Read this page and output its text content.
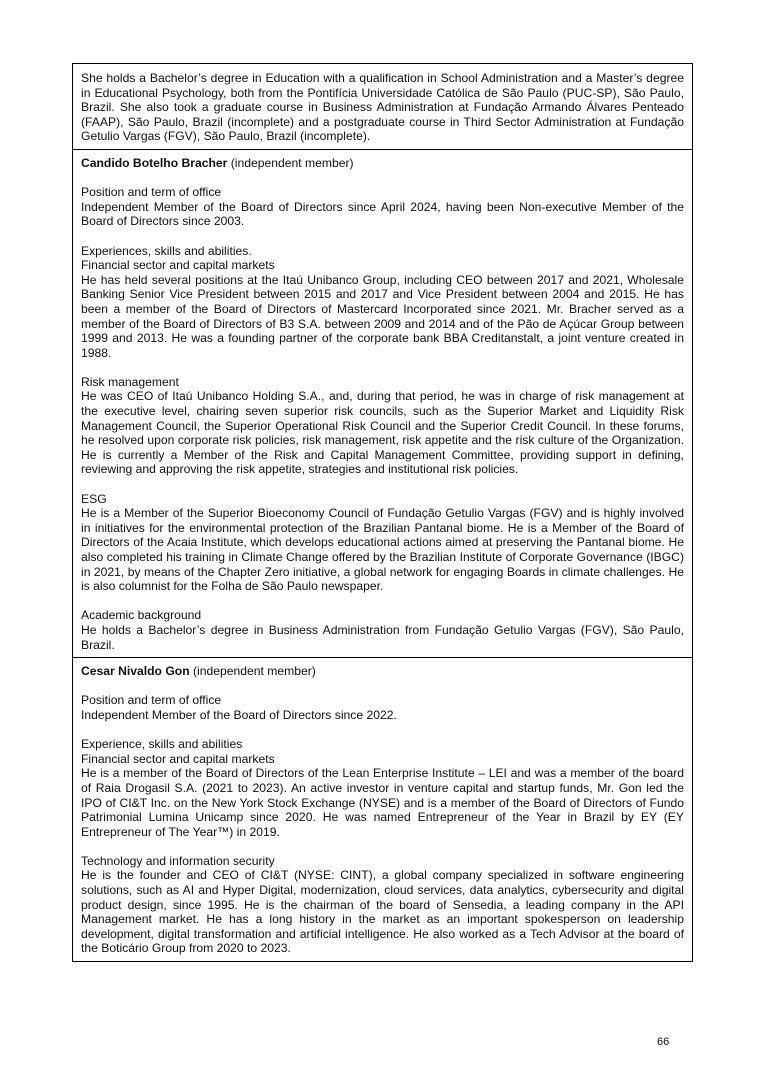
She holds a Bachelor’s degree in Education with a qualification in School Administration and a Master’s degree in Educational Psychology, both from the Pontifícia Universidade Católica de São Paulo (PUC-SP), São Paulo, Brazil. She also took a graduate course in Business Administration at Fundação Armando Álvares Penteado (FAAP), São Paulo, Brazil (incomplete) and a postgraduate course in Third Sector Administration at Fundação Getulio Vargas (FGV), São Paulo, Brazil (incomplete).

Candido Botelho Bracher (independent member)

Position and term of office

Independent Member of the Board of Directors since April 2024, having been Non-executive Member of the Board of Directors since 2003.

Experiences, skills and abilities.

Financial sector and capital markets

He has held several positions at the Itaú Unibanco Group, including CEO between 2017 and 2021, Wholesale Banking Senior Vice President between 2015 and 2017 and Vice President between 2004 and 2015. He has been a member of the Board of Directors of Mastercard Incorporated since 2021. Mr. Bracher served as a member of the Board of Directors of B3 S.A. between 2009 and 2014 and of the Pão de Açúcar Group between 1999 and 2013. He was a founding partner of the corporate bank BBA Creditanstalt, a joint venture created in 1988.

Risk management

He was CEO of Itaú Unibanco Holding S.A., and, during that period, he was in charge of risk management at the executive level, chairing seven superior risk councils, such as the Superior Market and Liquidity Risk Management Council, the Superior Operational Risk Council and the Superior Credit Council. In these forums, he resolved upon corporate risk policies, risk management, risk appetite and the risk culture of the Organization. He is currently a Member of the Risk and Capital Management Committee, providing support in defining, reviewing and approving the risk appetite, strategies and institutional risk policies.

ESG

He is a Member of the Superior Bioeconomy Council of Fundação Getulio Vargas (FGV) and is highly involved in initiatives for the environmental protection of the Brazilian Pantanal biome. He is a Member of the Board of Directors of the Acaia Institute, which develops educational actions aimed at preserving the Pantanal biome. He also completed his training in Climate Change offered by the Brazilian Institute of Corporate Governance (IBGC) in 2021, by means of the Chapter Zero initiative, a global network for engaging Boards in climate challenges. He is also columnist for the Folha de São Paulo newspaper.

Academic background

He holds a Bachelor’s degree in Business Administration from Fundação Getulio Vargas (FGV), São Paulo, Brazil.

Cesar Nivaldo Gon (independent member)

Position and term of office

Independent Member of the Board of Directors since 2022.

Experience, skills and abilities

Financial sector and capital markets

He is a member of the Board of Directors of the Lean Enterprise Institute – LEI and was a member of the board of Raia Drogasil S.A. (2021 to 2023). An active investor in venture capital and startup funds, Mr. Gon led the IPO of CI&T Inc. on the New York Stock Exchange (NYSE) and is a member of the Board of Directors of Fundo Patrimonial Lumina Unicamp since 2020. He was named Entrepreneur of the Year in Brazil by EY (EY Entrepreneur of The Year™) in 2019.

Technology and information security

He is the founder and CEO of CI&T (NYSE: CINT), a global company specialized in software engineering solutions, such as AI and Hyper Digital, modernization, cloud services, data analytics, cybersecurity and digital product design, since 1995. He is the chairman of the board of Sensedia, a leading company in the API Management market. He has a long history in the market as an important spokesperson on leadership development, digital transformation and artificial intelligence. He also worked as a Tech Advisor at the board of the Boticário Group from 2020 to 2023.

66
